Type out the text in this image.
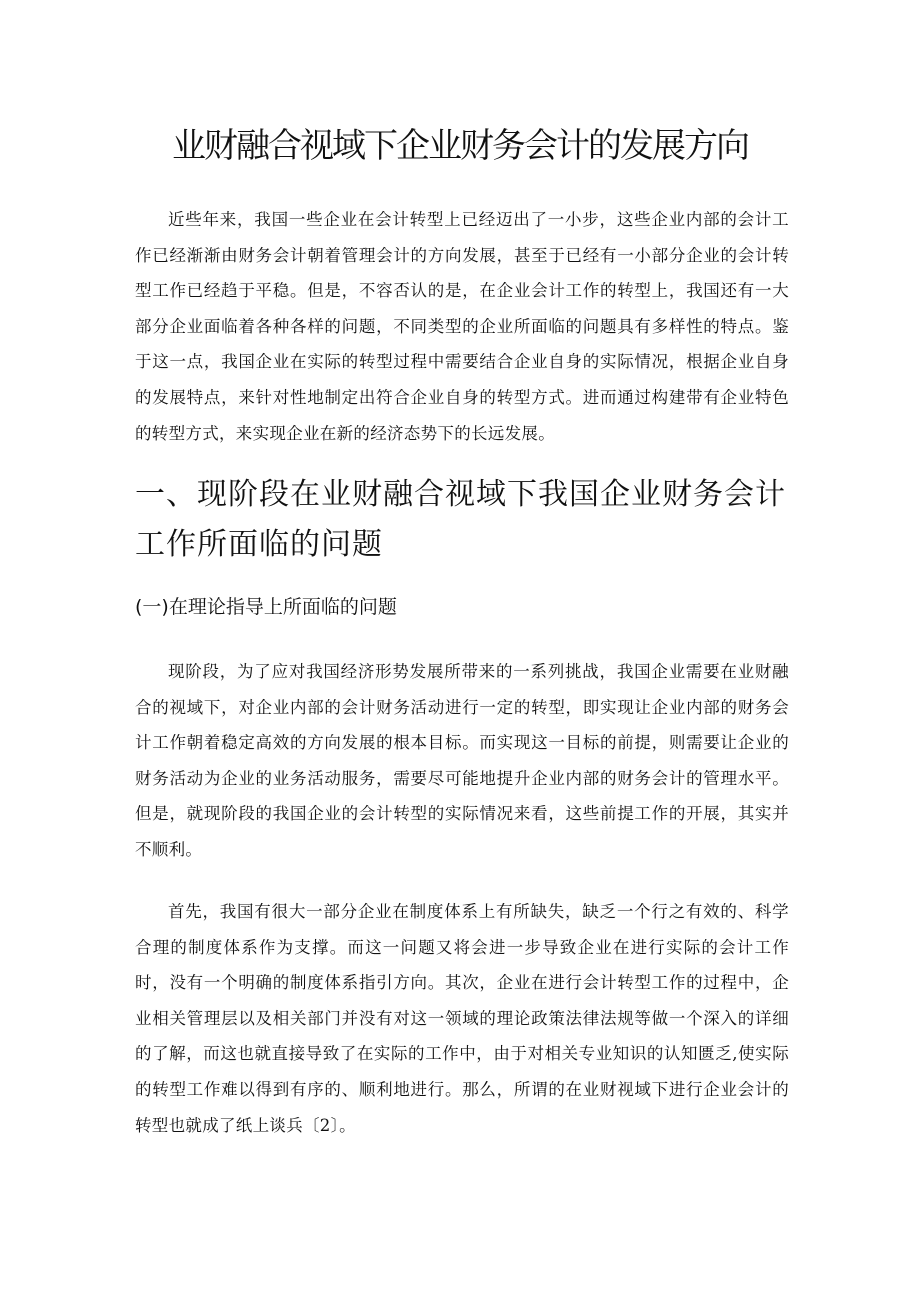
业财融合视域下企业财务会计的发展方向

近些年来，我国一些企业在会计转型上已经迈出了一小步，这些企业内部的会计工作已经渐渐由财务会计朝着管理会计的方向发展，甚至于已经有一小部分企业的会计转型工作已经趋于平稳。但是，不容否认的是，在企业会计工作的转型上，我国还有一大部分企业面临着各种各样的问题，不同类型的企业所面临的问题具有多样性的特点。鉴于这一点，我国企业在实际的转型过程中需要结合企业自身的实际情况，根据企业自身的发展特点，来针对性地制定出符合企业自身的转型方式。进而通过构建带有企业特色的转型方式，来实现企业在新的经济态势下的长远发展。

一、现阶段在业财融合视域下我国企业财务会计工作所面临的问题
(一)在理论指导上所面临的问题

现阶段，为了应对我国经济形势发展所带来的一系列挑战，我国企业需要在业财融合的视域下，对企业内部的会计财务活动进行一定的转型，即实现让企业内部的财务会计工作朝着稳定高效的方向发展的根本目标。而实现这一目标的前提，则需要让企业的财务活动为企业的业务活动服务，需要尽可能地提升企业内部的财务会计的管理水平。但是，就现阶段的我国企业的会计转型的实际情况来看，这些前提工作的开展，其实并不顺利。

首先，我国有很大一部分企业在制度体系上有所缺失，缺乏一个行之有效的、科学合理的制度体系作为支撑。而这一问题又将会进一步导致企业在进行实际的会计工作时，没有一个明确的制度体系指引方向。其次，企业在进行会计转型工作的过程中，企业相关管理层以及相关部门并没有对这一领域的理论政策法律法规等做一个深入的详细的了解，而这也就直接导致了在实际的工作中，由于对相关专业知识的认知匮乏,使实际的转型工作难以得到有序的、顺利地进行。那么，所谓的在业财视域下进行企业会计的转型也就成了纸上谈兵〔2〕。
